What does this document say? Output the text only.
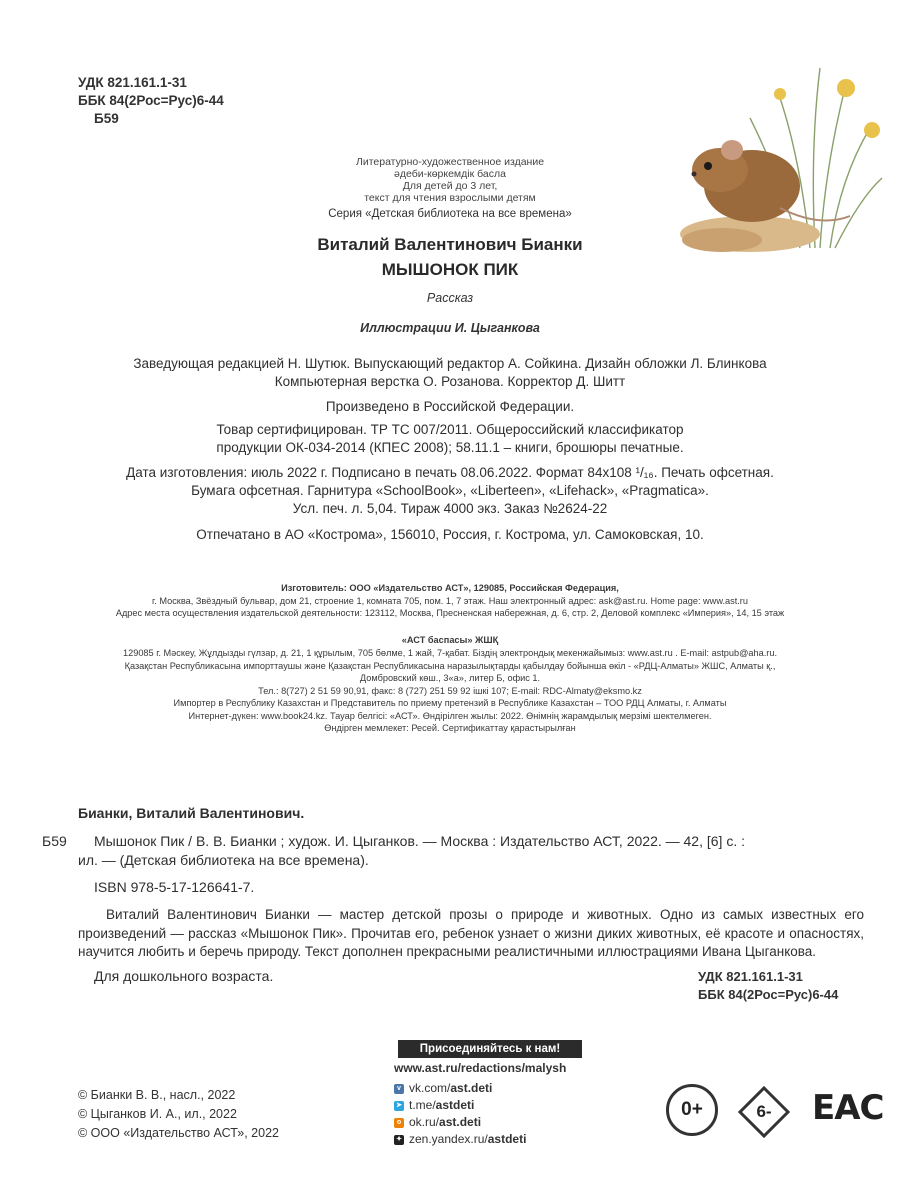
УДК 821.161.1-31
ББК 84(2Рос=Рус)6-44
Б59
Литературно-художественное издание
әдеби-көркемдік басла
Для детей до 3 лет,
текст для чтения взрослыми детям
Серия «Детская библиотека на все времена»
Виталий Валентинович Бианки
МЫШОНОК ПИК
Рассказ
Иллюстрации И. Цыганкова
Заведующая редакцией Н. Шутюк. Выпускающий редактор А. Сойкина. Дизайн обложки Л. Блинкова
Компьютерная верстка О. Розанова. Корректор Д. Шитт
Произведено в Российской Федерации.
Товар сертифицирован. ТР ТС 007/2011. Общероссийский классификатор
продукции ОК-034-2014 (КПЕС 2008); 58.11.1 – книги, брошюры печатные.
Дата изготовления: июль 2022 г. Подписано в печать 08.06.2022. Формат 84x108 ¹/₁₆. Печать офсетная.
Бумага офсетная. Гарнитура «SchoolBook», «Liberteen», «Lifehack», «Pragmatica».
Усл. печ. л. 5,04. Тираж 4000 экз. Заказ №2624-22
Отпечатано в АО «Кострома», 156010, Россия, г. Кострома, ул. Самоковская, 10.
Изготовитель: ООО «Издательство АСТ», 129085, Российская Федерация,
г. Москва, Звёздный бульвар, дом 21, строение 1, комната 705, пом. 1, 7 этаж. Наш электронный адрес: ask@ast.ru. Home page: www.ast.ru
Адрес места осуществления издательской деятельности: 123112, Москва, Пресненская набережная, д. 6, стр. 2, Деловой комплекс «Империя», 14, 15 этаж
«АСТ баспасы» ЖШҚ
129085 г. Мәскеу, Жұлдызды гүлзар, д. 21, 1 құрылым, 705 бөлме, 1 жай, 7-қабат. Біздің электрондық мекенжайымыз: www.ast.ru . E-mail: astpub@aha.ru.
Қазақстан Республикасына импорттаушы және Қазақстан Республикасына наразылықтарды қабылдау бойынша өкіл - «РДЦ-Алматы» ЖШС, Алматы қ.,
Домбровский көш., 3«а», литер Б, офис 1.
Тел.: 8(727) 2 51 59 90,91, факс: 8 (727) 251 59 92 ішкі 107; E-mail: RDC-Almaty@eksmo.kz
Импортер в Республику Казахстан и Представитель по приему претензий в Республике Казахстан – ТОО РДЦ Алматы, г. Алматы
Интернет-дүкен: www.book24.kz. Тауар белгісі: «АСТ». Өндірілген жылы: 2022. Өнімнің жарамдылық мерзімі шектелмеген.
Өндірген мемлекет: Ресей. Сертификаттау қарастырылған
Бианки, Виталий Валентинович.
Б59 Мышонок Пик / В. В. Бианки ; худож. И. Цыганков. — Москва : Издательство АСТ, 2022. — 42, [6] с. :
ил. — (Детская библиотека на все времена).
ISBN 978-5-17-126641-7.
Виталий Валентинович Бианки — мастер детской прозы о природе и животных. Одно из самых известных его произведений — рассказ «Мышонок Пик». Прочитав его, ребенок узнает о жизни диких животных, её красоте и опасностях, научится любить и беречь природу. Текст дополнен прекрасными реалистичными иллюстрациями Ивана Цыганкова.
Для дошкольного возраста.	УДК 821.161.1-31
ББК 84(2Рос=Рус)6-44
Присоединяйтесь к нам!
www.ast.ru/redactions/malysh
v vk.com/ ast.deti
➤ t.me/ astdeti
o ok.ru/ ast.deti
✦ zen.yandex.ru/ astdeti
© Бианки В. В., насл., 2022
© Цыганков И. А., ил., 2022
© ООО «Издательство АСТ», 2022
0+	6-	ЕАС
